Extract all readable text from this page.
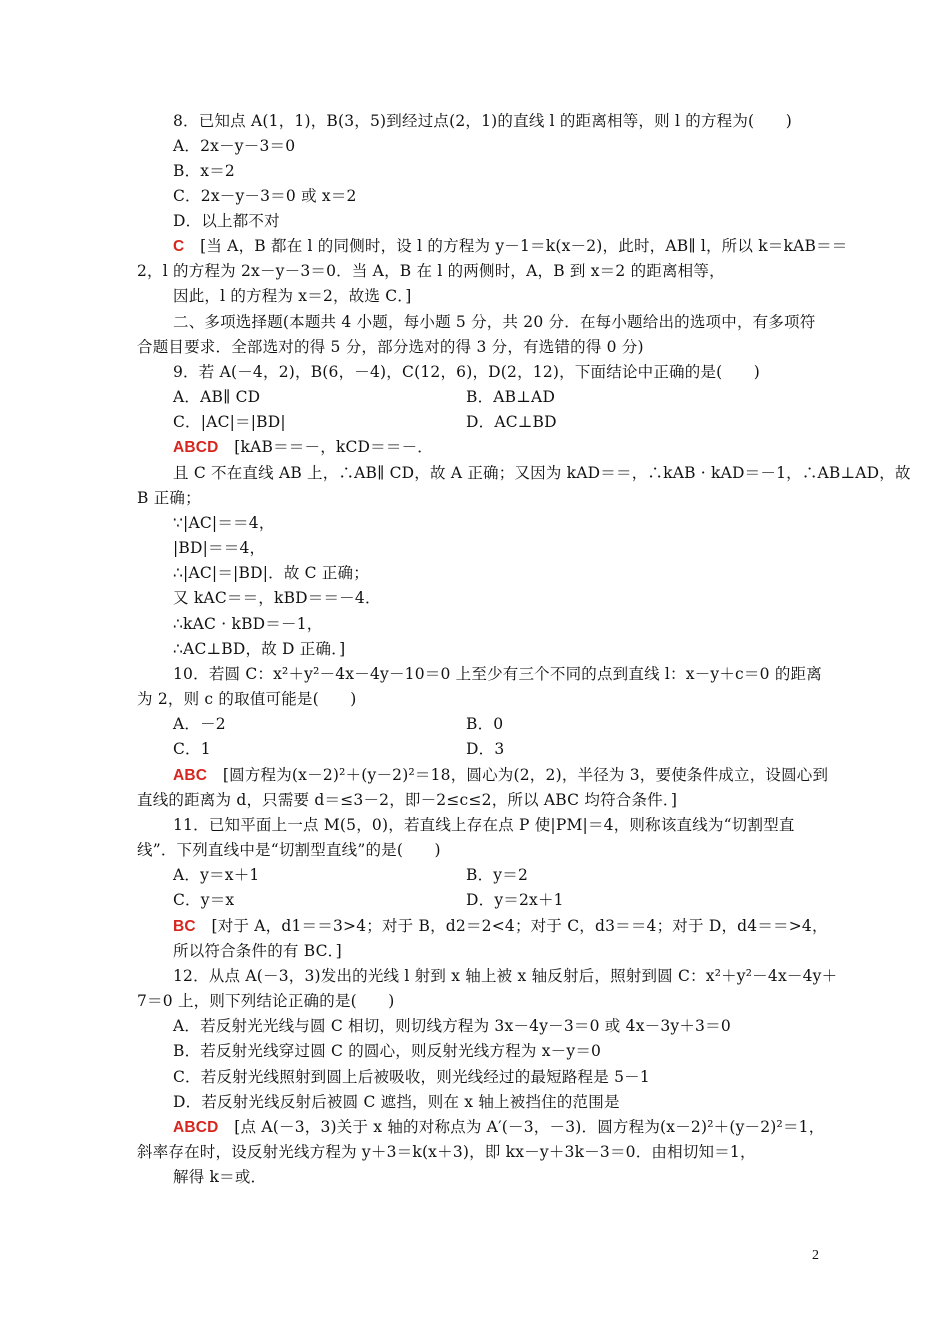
8．已知点 A(1，1)，B(3，5)到经过点(2，1)的直线 l 的距离相等，则 l 的方程为(　　)
A．2x－y－3＝0
B．x＝2
C．2x－y－3＝0 或 x＝2
D．以上都不对
C　[当 A，B 都在 l 的同侧时，设 l 的方程为 y－1＝k(x－2)，此时，AB∥ l，所以 k＝kAB＝＝
2，l 的方程为 2x－y－3＝0．当 A，B 在 l 的两侧时，A，B 到 x＝2 的距离相等，
因此，l 的方程为 x＝2，故选 C．]
二、多项选择题(本题共 4 小题，每小题 5 分，共 20 分．在每小题给出的选项中，有多项符
合题目要求．全部选对的得 5 分，部分选对的得 3 分，有选错的得 0 分)
9．若 A(－4，2)，B(6，－4)，C(12，6)，D(2，12)，下面结论中正确的是(　　)
A．AB∥ CD	B．AB⊥AD
C．|AC|＝|BD|	D．AC⊥BD
ABCD　[kAB＝＝－，kCD＝＝－．
且 C 不在直线 AB 上，∴AB∥ CD，故 A 正确；又因为 kAD＝＝，∴kAB · kAD＝－1，∴AB⊥AD，故
B 正确；
∵|AC|＝＝4，
|BD|＝＝4，
∴|AC|＝|BD|．故 C 正确；
又 kAC＝＝，kBD＝＝－4．
∴kAC · kBD＝－1，
∴AC⊥BD，故 D 正确．]
10．若圆 C：x²＋y²－4x－4y－10＝0 上至少有三个不同的点到直线 l：x－y＋c＝0 的距离
为 2，则 c 的取值可能是(　　)
A．－2	B．0
C．1	D．3
ABC　[圆方程为(x－2)²＋(y－2)²＝18，圆心为(2，2)，半径为 3，要使条件成立，设圆心到
直线的距离为 d，只需要 d＝≤3－2，即－2≤c≤2，所以 ABC 均符合条件．]
11．已知平面上一点 M(5，0)，若直线上存在点 P 使|PM|＝4，则称该直线为“切割型直
线”．下列直线中是“切割型直线”的是(　　)
A．y＝x＋1	B．y＝2
C．y＝x	D．y＝2x＋1
BC　[对于 A，d1＝＝3>4；对于 B，d2＝2<4；对于 C，d3＝＝4；对于 D，d4＝＝>4，
所以符合条件的有 BC．]
12．从点 A(－3，3)发出的光线 l 射到 x 轴上被 x 轴反射后，照射到圆 C：x²＋y²－4x－4y＋
7＝0 上，则下列结论正确的是(　　)
A．若反射光光线与圆 C 相切，则切线方程为 3x－4y－3＝0 或 4x－3y＋3＝0
B．若反射光线穿过圆 C 的圆心，则反射光线方程为 x－y＝0
C．若反射光线照射到圆上后被吸收，则光线经过的最短路程是 5－1
D．若反射光线反射后被圆 C 遮挡，则在 x 轴上被挡住的范围是
ABCD　[点 A(－3，3)关于 x 轴的对称点为 A′(－3，－3)．圆方程为(x－2)²＋(y－2)²＝1，
斜率存在时，设反射光线方程为 y＋3＝k(x＋3)，即 kx－y＋3k－3＝0．由相切知＝1，
解得 k＝或．
2
